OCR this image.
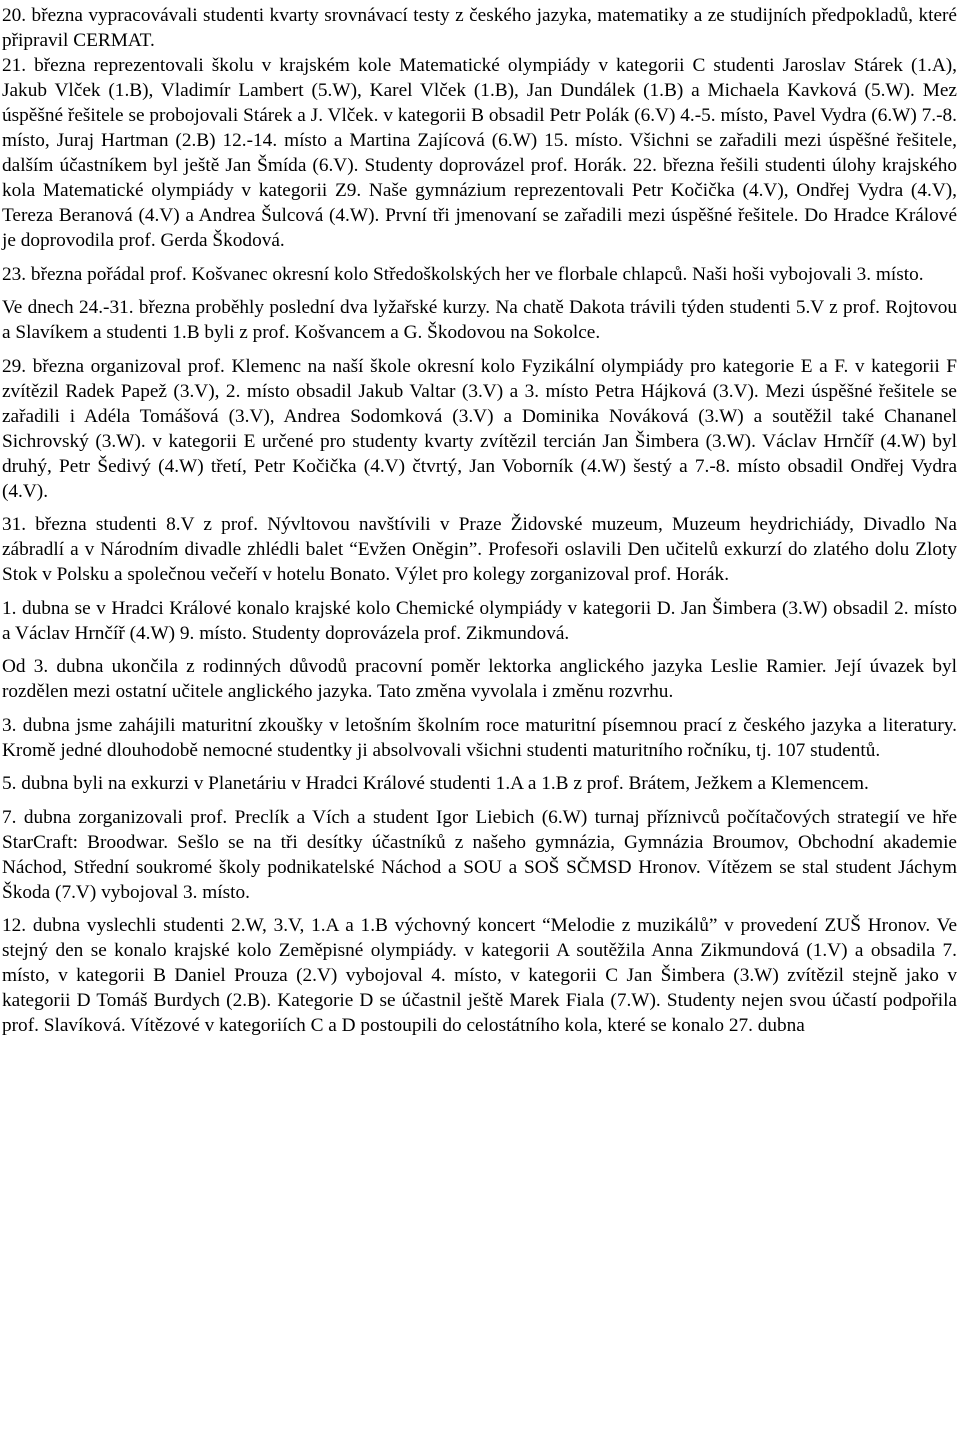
20. března vypracovávali studenti kvarty srovnávací testy z českého jazyka, matematiky a ze studijních předpokladů, které připravil CERMAT.

21. března reprezentovali školu v krajském kole Matematické olympiády v kategorii C studenti Jaroslav Stárek (1.A), Jakub Vlček (1.B), Vladimír Lambert (5.W), Karel Vlček (1.B), Jan Dundálek (1.B) a Michaela Kavková (5.W). Mez úspěšné řešitele se probojovali Stárek a J. Vlček. v kategorii B obsadil Petr Polák (6.V) 4.-5. místo, Pavel Vydra (6.W) 7.-8. místo, Juraj Hartman (2.B) 12.-14. místo a Martina Zajícová (6.W) 15. místo. Všichni se zařadili mezi úspěšné řešitele, dalším účastníkem byl ještě Jan Šmída (6.V). Studenty doprovázel prof. Horák. 22. března řešili studenti úlohy krajského kola Matematické olympiády v kategorii Z9. Naše gymnázium reprezentovali Petr Kočička (4.V), Ondřej Vydra (4.V), Tereza Beranová (4.V) a Andrea Šulcová (4.W). První tři jmenovaní se zařadili mezi úspěšné řešitele. Do Hradce Králové je doprovodila prof. Gerda Škodová.

23. března pořádal prof. Košvanec okresní kolo Středoškolských her ve florbale chlapců. Naši hoši vybojovali 3. místo.

Ve dnech 24.-31. března proběhly poslední dva lyžařské kurzy. Na chatě Dakota trávili týden studenti 5.V z prof. Rojtovou a Slavíkem a studenti 1.B byli z prof. Košvancem a G. Škodovou na Sokolce.

29. března organizoval prof. Klemenc na naší škole okresní kolo Fyzikální olympiády pro kategorie E a F. v kategorii F zvítězil Radek Papež (3.V), 2. místo obsadil Jakub Valtar (3.V) a 3. místo Petra Hájková (3.V). Mezi úspěšné řešitele se zařadili i Adéla Tomášová (3.V), Andrea Sodomková (3.V) a Dominika Nováková (3.W) a soutěžil také Chananel Sichrovský (3.W). v kategorii E určené pro studenty kvarty zvítězil tercián Jan Šimbera (3.W). Václav Hrnčíř (4.W) byl druhý, Petr Šedivý (4.W) třetí, Petr Kočička (4.V) čtvrtý, Jan Voborník (4.W) šestý a 7.-8. místo obsadil Ondřej Vydra (4.V).

31. března studenti 8.V z prof. Nývltovou navštívili v Praze Židovské muzeum, Muzeum heydrichiády, Divadlo Na zábradlí a v Národním divadle zhlédli balet “Evžen Oněgin”. Profesoři oslavili Den učitelů exkurzí do zlatého dolu Zloty Stok v Polsku a společnou večeří v hotelu Bonato. Výlet pro kolegy zorganizoval prof. Horák.

1. dubna se v Hradci Králové konalo krajské kolo Chemické olympiády v kategorii D. Jan Šimbera (3.W) obsadil 2. místo a Václav Hrnčíř (4.W) 9. místo. Studenty doprovázela prof. Zikmundová.

Od 3. dubna ukončila z rodinných důvodů pracovní poměr lektorka anglického jazyka Leslie Ramier. Její úvazek byl rozdělen mezi ostatní učitele anglického jazyka. Tato změna vyvolala i změnu rozvrhu.

3. dubna jsme zahájili maturitní zkoušky v letošním školním roce maturitní písemnou prací z českého jazyka a literatury. Kromě jedné dlouhodobě nemocné studentky ji absolvovali všichni studenti maturitního ročníku, tj. 107 studentů.

5. dubna byli na exkurzi v Planetáriu v Hradci Králové studenti 1.A a 1.B z prof. Brátem, Ježkem a Klemencem.

7. dubna zorganizovali prof. Preclík a Vích a student Igor Liebich (6.W) turnaj příznivců počítačových strategií ve hře StarCraft: Broodwar. Sešlo se na tři desítky účastníků z našeho gymnázia, Gymnázia Broumov, Obchodní akademie Náchod, Střední soukromé školy podnikatelské Náchod a SOU a SOŠ SČMSD Hronov. Vítězem se stal student Jáchym Škoda (7.V) vybojoval 3. místo.

12. dubna vyslechli studenti 2.W, 3.V, 1.A a 1.B výchovný koncert “Melodie z muzikálů” v provedení ZUŠ Hronov. Ve stejný den se konalo krajské kolo Zeměpisné olympiády. v kategorii A soutěžila Anna Zikmundová (1.V) a obsadila 7. místo, v kategorii B Daniel Prouza (2.V) vybojoval 4. místo, v kategorii C Jan Šimbera (3.W) zvítězil stejně jako v kategorii D Tomáš Burdych (2.B). Kategorie D se účastnil ještě Marek Fiala (7.W). Studenty nejen svou účastí podpořila prof. Slavíková. Vítězové v kategoriích C a D postoupili do celostátního kola, které se konalo 27. dubna
